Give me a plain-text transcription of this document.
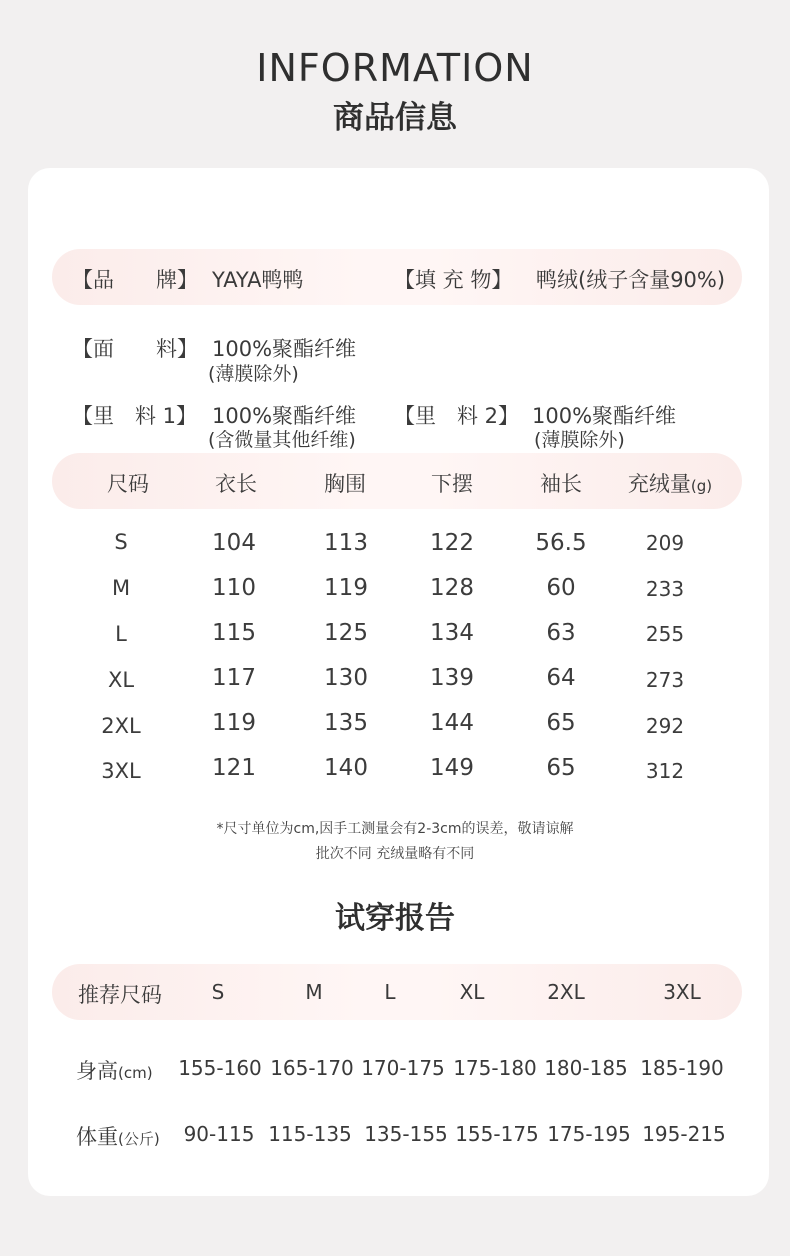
INFORMATION
商品信息
【品　　牌】 YAYA鸭鸭	【填 充 物】 鸭绒(绒子含量90%)
【面　　料】 100%聚酯纤维
(薄膜除外)
【里　料 1】 100%聚酯纤维
(含微量其他纤维)
【里　料 2】 100%聚酯纤维
(薄膜除外)
尺码	衣长	胸围	下摆	袖长 充绒量(g)
S	104	113	122	56.5	209
M	110	119	128	60	233
L	115	125	134	63	255
XL	117	130	139	64	273
2XL	119	135	144	65	292
3XL	121	140	149	65	312
*尺寸单位为cm,因手工测量会有2-3cm的误差，敬请谅解
批次不同 充绒量略有不同
试穿报告
推荐尺码 S	M	L	XL	2XL	3XL
身高(cm) 155-160 165-170 170-175 175-180 180-185 185-190
体重(公斤) 90-115 115-135 135-155 155-175 175-195 195-215
